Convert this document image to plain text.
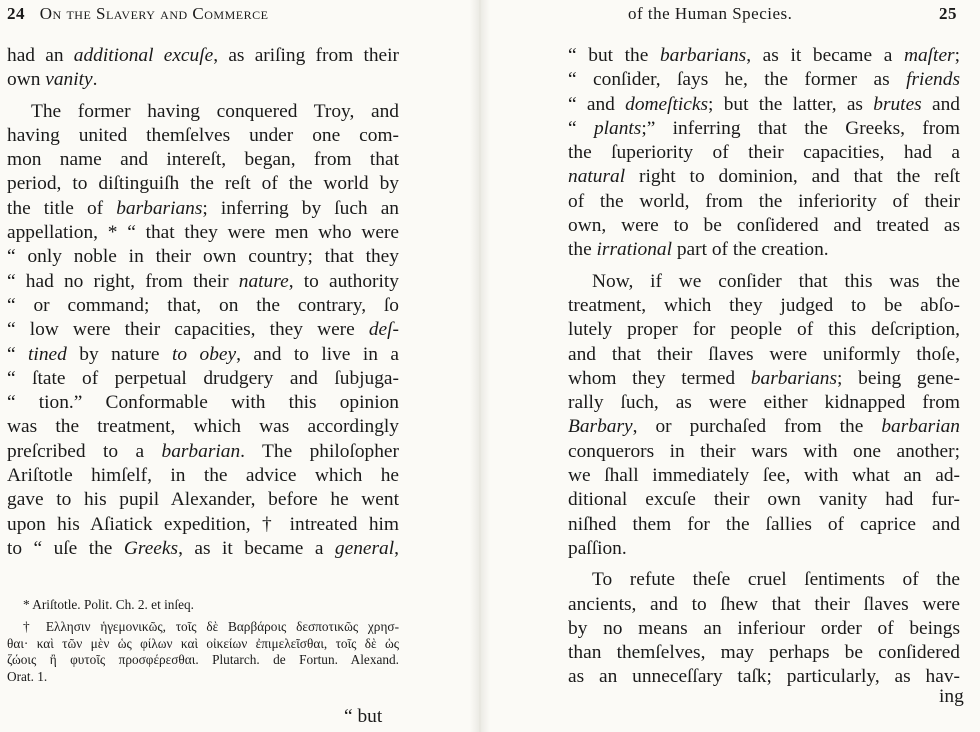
24 On the Slavery and Commerce
had an additional excuſe, as ariſing from their
own vanity.
The former having conquered Troy, and
having united themſelves under one com-
mon name and intereſt, began, from that
period, to diſtinguiſh the reſt of the world by
the title of barbarians; inferring by ſuch an
appellation, * “ that they were men who were
“ only noble in their own country; that they
“ had no right, from their nature, to authority
“ or command; that, on the contrary, ſo
“ low were their capacities, they were deſ-
“ tined by nature to obey, and to live in a
“ ſtate of perpetual drudgery and ſubjuga-
“ tion.” Conformable with this opinion
was the treatment, which was accordingly
preſcribed to a barbarian. The philoſopher
Ariſtotle himſelf, in the advice which he
gave to his pupil Alexander, before he went
upon his Aſiatick expedition, † intreated him
to “ uſe the Greeks, as it became a general,
* Ariſtotle. Polit. Ch. 2. et inſeq.
† Ελλησιν ἡγεμονικῶς, τοῖς δὲ Βαρβάροις δεσποτικῶς χρησ-
θαι· καὶ τῶν μὲν ὡς φίλων καὶ οἰκείων ἐπιμελεῖσθαι, τοῖς δὲ ὡς
ζώοις ἢ φυτοῖς προσφέρεσθαι. Plutarch. de Fortun. Alexand.
Orat. 1.
“ but
of the Human Species.	25
“ but the barbarians, as it became a maſter;
“ conſider, ſays he, the former as friends
“ and domeſticks; but the latter, as brutes and
“ plants;” inferring that the Greeks, from
the ſuperiority of their capacities, had a
natural right to dominion, and that the reſt
of the world, from the inferiority of their
own, were to be conſidered and treated as
the irrational part of the creation.
Now, if we conſider that this was the
treatment, which they judged to be abſo-
lutely proper for people of this deſcription,
and that their ſlaves were uniformly thoſe,
whom they termed barbarians; being gene-
rally ſuch, as were either kidnapped from
Barbary, or purchaſed from the barbarian
conquerors in their wars with one another;
we ſhall immediately ſee, with what an ad-
ditional excuſe their own vanity had fur-
niſhed them for the ſallies of caprice and
paſſion.
To refute theſe cruel ſentiments of the
ancients, and to ſhew that their ſlaves were
by no means an inferiour order of beings
than themſelves, may perhaps be conſidered
as an unneceſſary taſk; particularly, as hav-
ing
